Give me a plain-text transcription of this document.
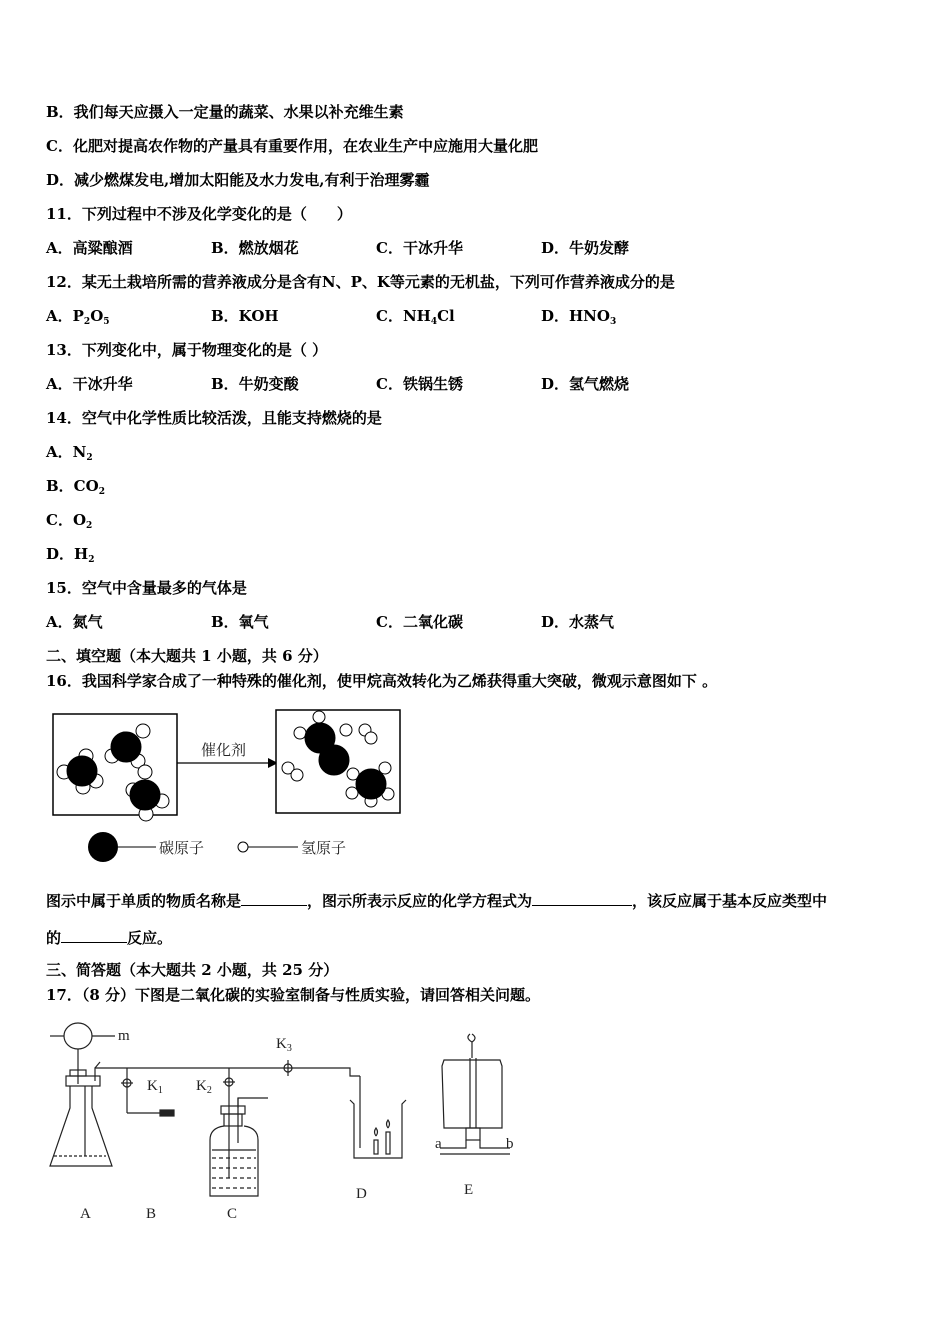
B．我们每天应摄入一定量的蔬菜、水果以补充维生素
C．化肥对提高农作物的产量具有重要作用，在农业生产中应施用大量化肥
D．减少燃煤发电,增加太阳能及水力发电,有利于治理雾霾
11．下列过程中不涉及化学变化的是（　　）
A．高粱酿酒	B．燃放烟花	C．干冰升华	D．牛奶发酵
12．某无土栽培所需的营养液成分是含有N、P、K等元素的无机盐，下列可作营养液成分的是
A．$P_2O_5$	B．KOH	C．$NH_4Cl$	D．$HNO_3$
13．下列变化中，属于物理变化的是（ ）
A．干冰升华	B．牛奶变酸	C．铁锅生锈	D．氢气燃烧
14．空气中化学性质比较活泼，且能支持燃烧的是
A．$N_2$
B．$CO_2$
C．$O_2$
D．$H_2$
15．空气中含量最多的气体是
A．氮气	B．氧气	C．二氧化碳	D．水蒸气
二、填空题（本大题共 1 小题，共 6 分）
16．我国科学家合成了一种特殊的催化剂，使甲烷高效转化为乙烯获得重大突破，微观示意图如下 。
催化剂
碳原子	氢原子
图示中属于单质的物质名称是	，图示所表示反应的化学方程式为	，该反应属于基本反应类型中
的	反应。
三、简答题（本大题共 2 小题，共 25 分）
17．（8 分）下图是二氧化碳的实验室制备与性质实验，请回答相关问题。
m
$K_1$ $K_2$
$K_3$
a	b
A	B	C
D	E
